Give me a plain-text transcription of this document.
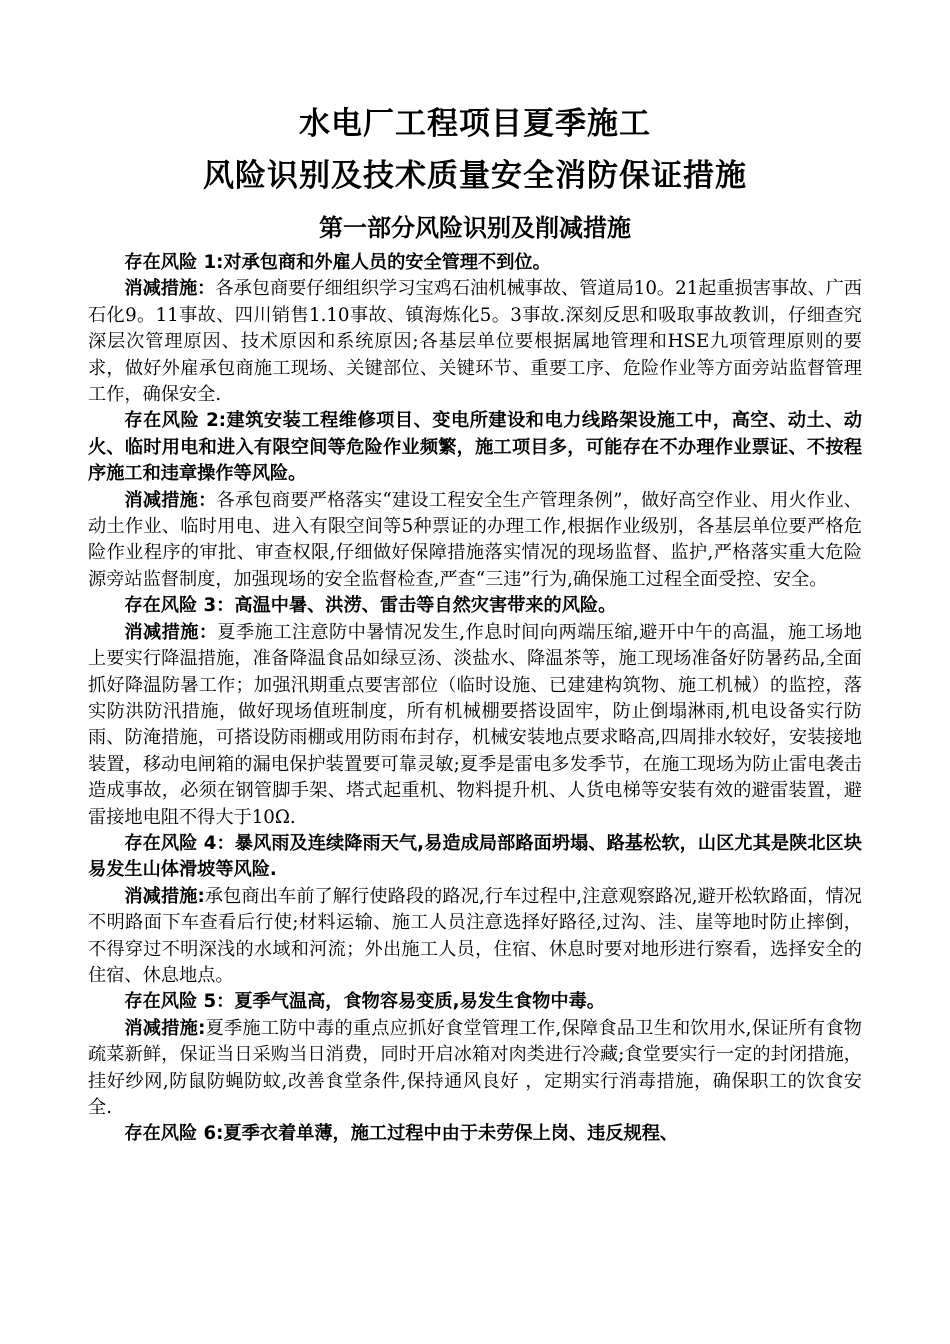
水电厂工程项目夏季施工
风险识别及技术质量安全消防保证措施
第一部分风险识别及削减措施

存在风险 1:对承包商和外雇人员的安全管理不到位。

消减措施：各承包商要仔细组织学习宝鸡石油机械事故、管道局10。21起重损害事故、广西石化9。11事故、四川销售1.10事故、镇海炼化5。3事故.深刻反思和吸取事故教训，仔细查究深层次管理原因、技术原因和系统原因;各基层单位要根据属地管理和HSE九项管理原则的要求，做好外雇承包商施工现场、关键部位、关键环节、重要工序、危险作业等方面旁站监督管理工作，确保安全.

存在风险 2:建筑安装工程维修项目、变电所建设和电力线路架设施工中，高空、动土、动火、临时用电和进入有限空间等危险作业频繁，施工项目多，可能存在不办理作业票证、不按程序施工和违章操作等风险。

消减措施：各承包商要严格落实“建设工程安全生产管理条例”，做好高空作业、用火作业、动土作业、临时用电、进入有限空间等5种票证的办理工作,根据作业级别，各基层单位要严格危险作业程序的审批、审查权限,仔细做好保障措施落实情况的现场监督、监护,严格落实重大危险源旁站监督制度，加强现场的安全监督检查,严查“三违”行为,确保施工过程全面受控、安全。

存在风险 3：高温中暑、洪涝、雷击等自然灾害带来的风险。

消减措施：夏季施工注意防中暑情况发生,作息时间向两端压缩,避开中午的高温，施工场地上要实行降温措施，准备降温食品如绿豆汤、淡盐水、降温茶等，施工现场准备好防暑药品,全面抓好降温防暑工作；加强汛期重点要害部位（临时设施、已建建构筑物、施工机械）的监控，落实防洪防汛措施，做好现场值班制度，所有机械棚要搭设固牢，防止倒塌淋雨,机电设备实行防雨、防淹措施，可搭设防雨棚或用防雨布封存，机械安装地点要求略高,四周排水较好，安装接地装置，移动电闸箱的漏电保护装置要可靠灵敏;夏季是雷电多发季节，在施工现场为防止雷电袭击造成事故，必须在钢管脚手架、塔式起重机、物料提升机、人货电梯等安装有效的避雷装置，避雷接地电阻不得大于10Ω.

存在风险 4：暴风雨及连续降雨天气,易造成局部路面坍塌、路基松软，山区尤其是陕北区块易发生山体滑坡等风险.

消减措施:承包商出车前了解行使路段的路况,行车过程中,注意观察路况,避开松软路面，情况不明路面下车查看后行使;材料运输、施工人员注意选择好路径,过沟、洼、崖等地时防止摔倒，不得穿过不明深浅的水域和河流；外出施工人员，住宿、休息时要对地形进行察看，选择安全的住宿、休息地点。

存在风险 5：夏季气温高，食物容易变质,易发生食物中毒。

消减措施:夏季施工防中毒的重点应抓好食堂管理工作,保障食品卫生和饮用水,保证所有食物疏菜新鲜，保证当日采购当日消费，同时开启冰箱对肉类进行冷藏;食堂要实行一定的封闭措施，挂好纱网,防鼠防蝇防蚊,改善食堂条件,保持通风良好 ，定期实行消毒措施，确保职工的饮食安全.

存在风险 6:夏季衣着单薄，施工过程中由于未劳保上岗、违反规程、
